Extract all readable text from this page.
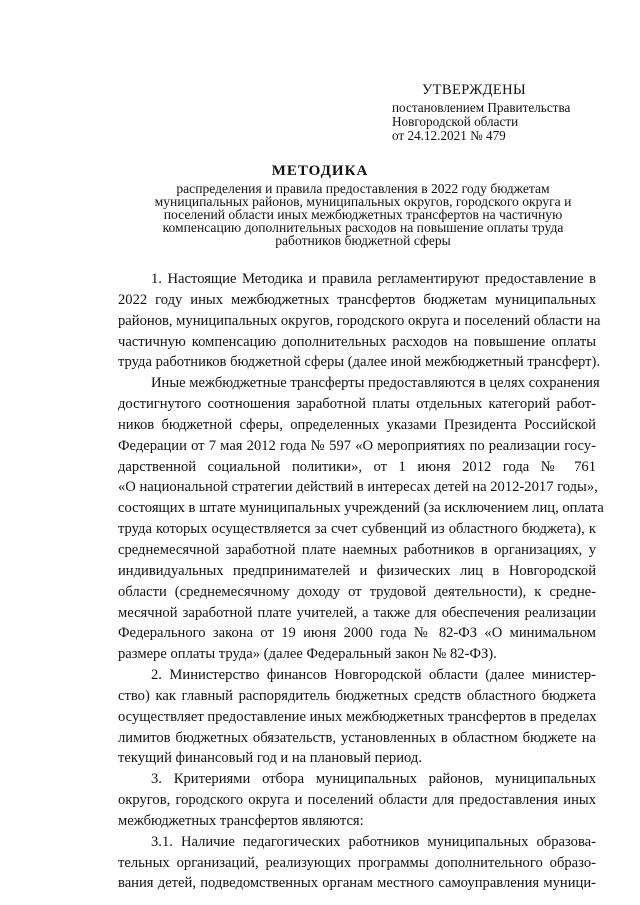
УТВЕРЖДЕНЫ
постановлением Правительства
Новгородской области
от 24.12.2021 № 479
МЕТОДИКА
распределения и правила предоставления в 2022 году бюджетам
муниципальных районов, муниципальных округов, городского округа и
поселений области иных межбюджетных трансфертов на частичную
компенсацию дополнительных расходов на повышение оплаты труда
работников бюджетной сферы

1. Настоящие Методика и правила регламентируют предоставление в
2022 году иных межбюджетных трансфертов бюджетам муниципальных
районов, муниципальных округов, городского округа и поселений области на
частичную компенсацию дополнительных расходов на повышение оплаты
труда работников бюджетной сферы (далее иной межбюджетный трансферт).

Иные межбюджетные трансферты предоставляются в целях сохранения
достигнутого соотношения заработной платы отдельных категорий работ-
ников бюджетной сферы, определенных указами Президента Российской
Федерации от 7 мая 2012 года № 597 «О мероприятиях по реализации госу-
дарственной социальной политики», от 1 июня 2012 года № 761
«О национальной стратегии действий в интересах детей на 2012-2017 годы»,
состоящих в штате муниципальных учреждений (за исключением лиц, оплата
труда которых осуществляется за счет субвенций из областного бюджета), к
среднемесячной заработной плате наемных работников в организациях, у
индивидуальных предпринимателей и физических лиц в Новгородской
области (среднемесячному доходу от трудовой деятельности), к средне-
месячной заработной плате учителей, а также для обеспечения реализации
Федерального закона от 19 июня 2000 года № 82-ФЗ «О минимальном
размере оплаты труда» (далее Федеральный закон № 82-ФЗ).

2. Министерство финансов Новгородской области (далее министер-
ство) как главный распорядитель бюджетных средств областного бюджета
осуществляет предоставление иных межбюджетных трансфертов в пределах
лимитов бюджетных обязательств, установленных в областном бюджете на
текущий финансовый год и на плановый период.

3. Критериями отбора муниципальных районов, муниципальных
округов, городского округа и поселений области для предоставления иных
межбюджетных трансфертов являются:

3.1. Наличие педагогических работников муниципальных образова-
тельных организаций, реализующих программы дополнительного образо-
вания детей, подведомственных органам местного самоуправления муници-
